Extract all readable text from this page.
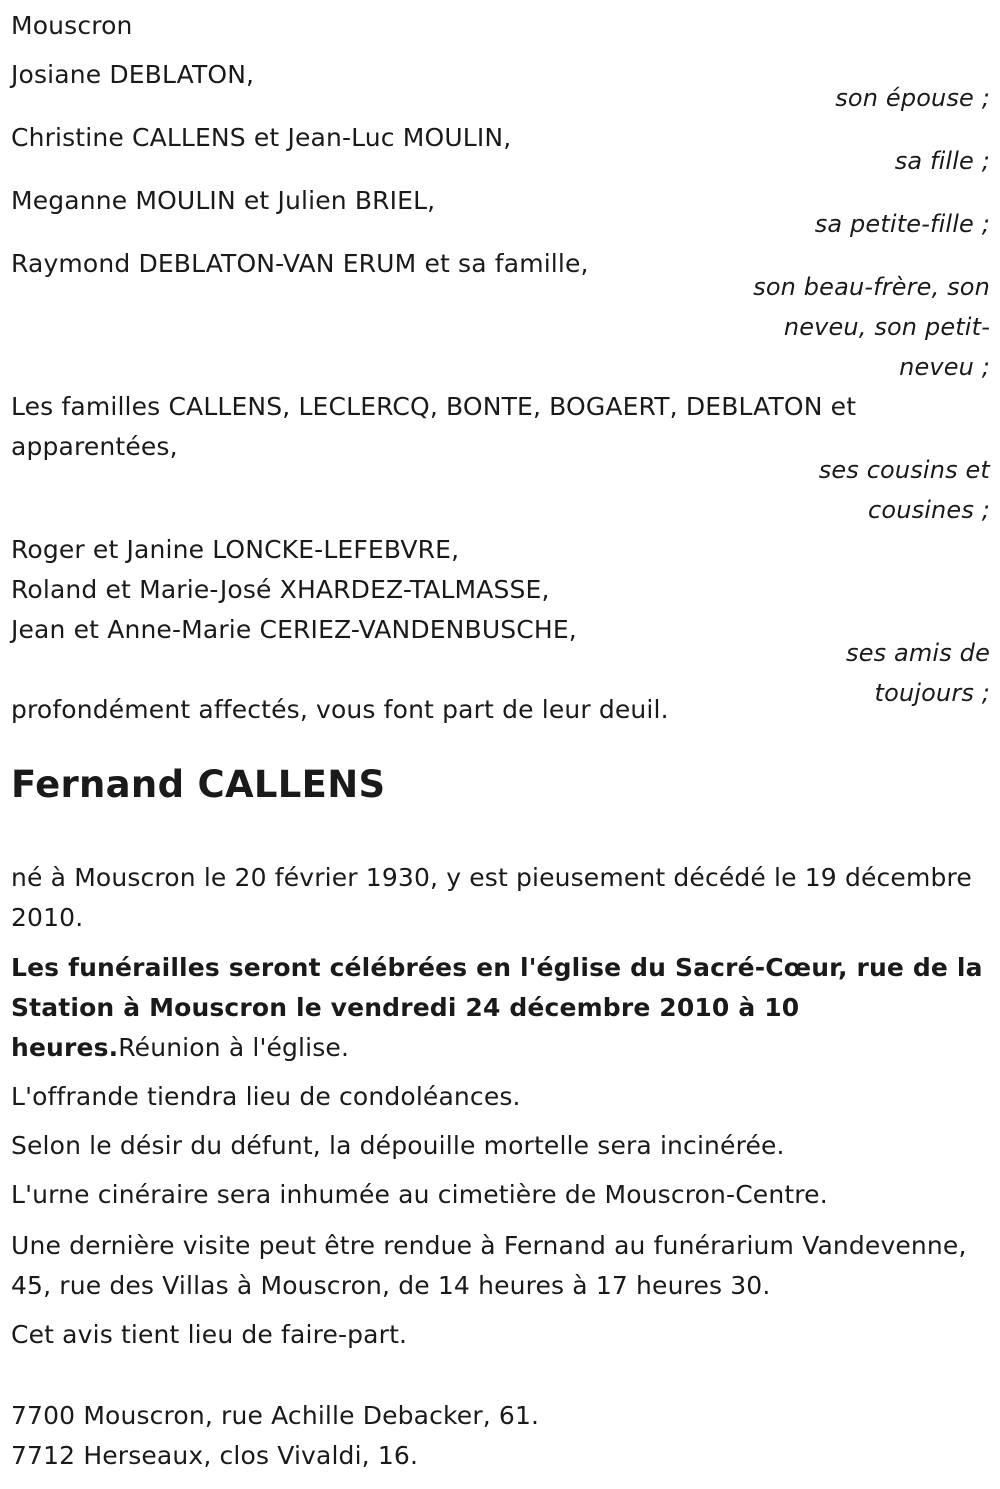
Mouscron

Josiane DEBLATON,

son épouse ;

Christine CALLENS et Jean-Luc MOULIN,

sa fille ;

Meganne MOULIN et Julien BRIEL,

sa petite-fille ;

Raymond DEBLATON-VAN ERUM et sa famille,

son beau-frère, son neveu, son petit-neveu ;

Les familles CALLENS, LECLERCQ, BONTE, BOGAERT, DEBLATON et apparentées,

ses cousins et cousines ;

Roger et Janine LONCKE-LEFEBVRE,

Roland et Marie-José XHARDEZ-TALMASSE,

Jean et Anne-Marie CERIEZ-VANDENBUSCHE,

ses amis de toujours ;

profondément affectés, vous font part de leur deuil.

Fernand CALLENS

né à Mouscron le 20 février 1930, y est pieusement décédé le 19 décembre 2010.

Les funérailles seront célébrées en l'église du Sacré-Cœur, rue de la Station à Mouscron le vendredi 24 décembre 2010 à 10 heures.Réunion à l'église.

L'offrande tiendra lieu de condoléances.

Selon le désir du défunt, la dépouille mortelle sera incinérée.

L'urne cinéraire sera inhumée au cimetière de Mouscron-Centre.

Une dernière visite peut être rendue à Fernand au funérarium Vandevenne, 45, rue des Villas à Mouscron, de 14 heures à 17 heures 30.

Cet avis tient lieu de faire-part.

7700 Mouscron, rue Achille Debacker, 61.

7712 Herseaux, clos Vivaldi, 16.
